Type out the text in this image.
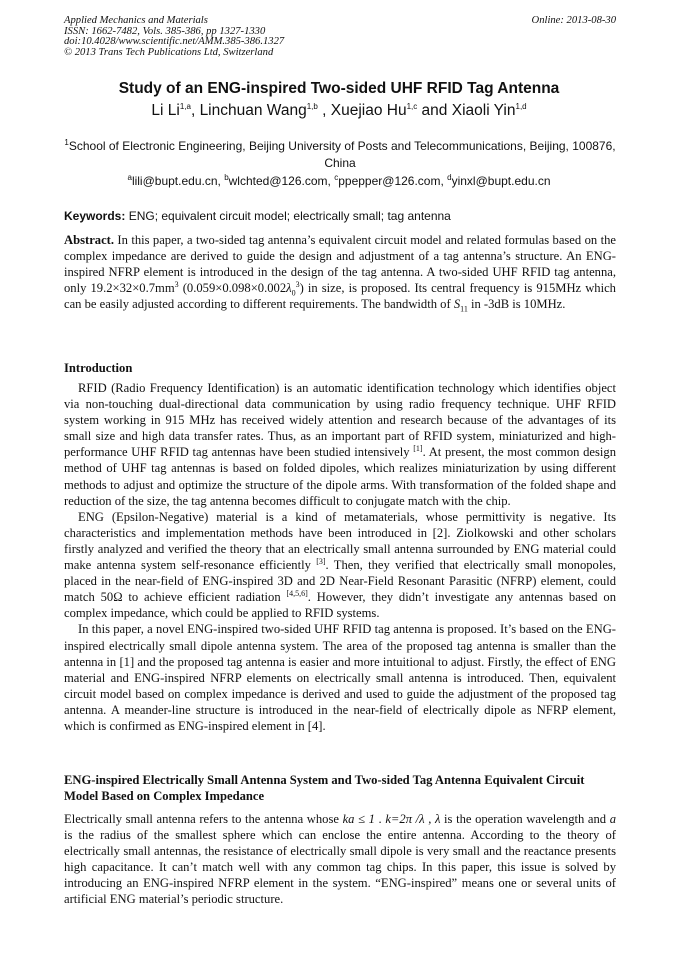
Applied Mechanics and Materials
ISSN: 1662-7482, Vols. 385-386, pp 1327-1330
doi:10.4028/www.scientific.net/AMM.385-386.1327
© 2013 Trans Tech Publications Ltd, Switzerland
Online: 2013-08-30
Study of an ENG-inspired Two-sided UHF RFID Tag Antenna
Li Li$^{1,a}$, Linchuan Wang$^{1,b}$ , Xuejiao Hu$^{1,c}$ and Xiaoli Yin$^{1,d}$
$^1$School of Electronic Engineering, Beijing University of Posts and Telecommunications, Beijing, 100876, China
$^a$lili@bupt.edu.cn, $^b$wlchted@126.com, $^c$ppepper@126.com, $^d$yinxl@bupt.edu.cn
Keywords: ENG; equivalent circuit model; electrically small; tag antenna

Abstract. In this paper, a two-sided tag antenna’s equivalent circuit model and related formulas based on the complex impedance are derived to guide the design and adjustment of a tag antenna’s structure. An ENG-inspired NFRP element is introduced in the design of the tag antenna. A two-sided UHF RFID tag antenna, only $19.2\times 32\times 0.7mm^3$ $(0.059\times 0.098\times 0.002\lambda_0^3)$ in size, is proposed. Its central frequency is 915MHz which can be easily adjusted according to different requirements. The bandwidth of $S_{11}$ in -3dB is 10MHz.

Introduction

RFID (Radio Frequency Identification) is an automatic identification technology which identifies object via non-touching dual-directional data communication by using radio frequency technique. UHF RFID system working in 915 MHz has received widely attention and research because of the advantages of its small size and high data transfer rates. Thus, as an important part of RFID system, miniaturized and high-performance UHF RFID tag antennas have been studied intensively [1]. At present, the most common design method of UHF tag antennas is based on folded dipoles, which realizes miniaturization by using different methods to adjust and optimize the structure of the dipole arms. With transformation of the folded shape and reduction of the size, the tag antenna becomes difficult to conjugate match with the chip.

ENG (Epsilon-Negative) material is a kind of metamaterials, whose permittivity is negative. Its characteristics and implementation methods have been introduced in [2]. Ziolkowski and other scholars firstly analyzed and verified the theory that an electrically small antenna surrounded by ENG material could make antenna system self-resonance efficiently [3]. Then, they verified that electrically small monopoles, placed in the near-field of ENG-inspired 3D and 2D Near-Field Resonant Parasitic (NFRP) element, could match 50Ω to achieve efficient radiation [4,5,6]. However, they didn’t investigate any antennas based on complex impedance, which could be applied to RFID systems.

In this paper, a novel ENG-inspired two-sided UHF RFID tag antenna is proposed. It’s based on the ENG-inspired electrically small dipole antenna system. The area of the proposed tag antenna is smaller than the antenna in [1] and the proposed tag antenna is easier and more intuitional to adjust. Firstly, the effect of ENG material and ENG-inspired NFRP elements on electrically small antenna is introduced. Then, equivalent circuit model based on complex impedance is derived and used to guide the adjustment of the proposed tag antenna. A meander-line structure is introduced in the near-field of electrically dipole as NFRP element, which is confirmed as ENG-inspired element in [4].

ENG-inspired Electrically Small Antenna System and Two-sided Tag Antenna Equivalent Circuit Model Based on Complex Impedance

Electrically small antenna refers to the antenna whose ka ≤ 1 . k=2π /λ , λ is the operation wavelength and a is the radius of the smallest sphere which can enclose the entire antenna. According to the theory of electrically small antennas, the resistance of electrically small dipole is very small and the reactance presents high capacitance. It can’t match well with any common tag chips. In this paper, this issue is solved by introducing an ENG-inspired NFRP element in the system. “ENG-inspired” means one or several units of artificial ENG material’s periodic structure.
